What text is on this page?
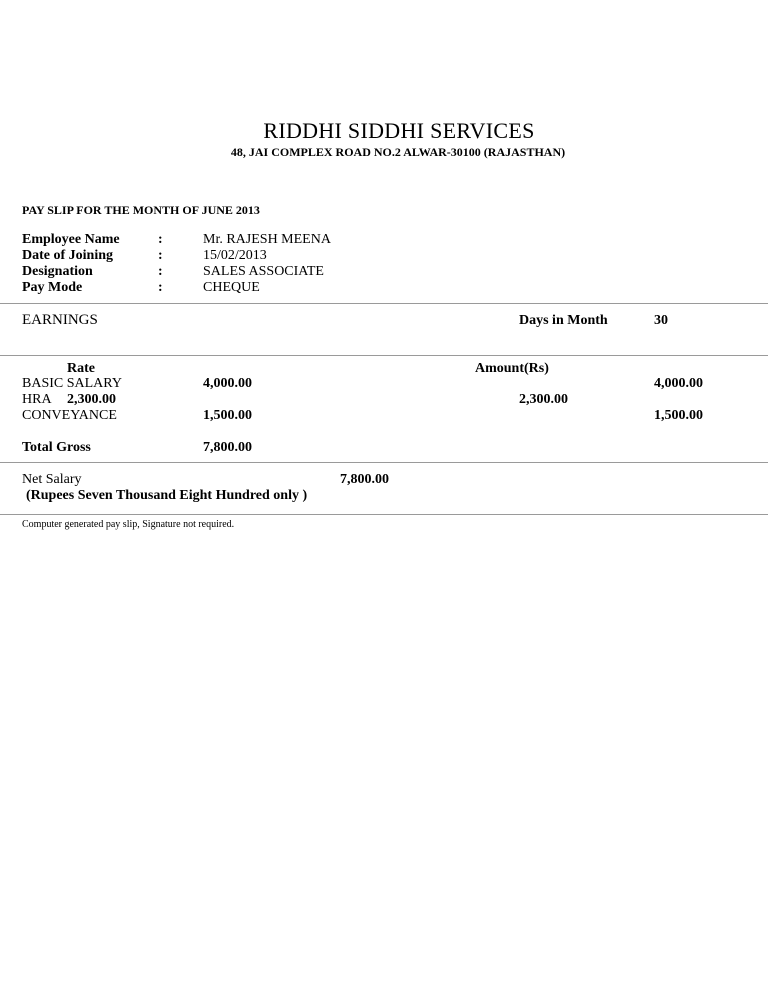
RIDDHI SIDDHI SERVICES
48, JAI COMPLEX ROAD NO.2 ALWAR-30100 (RAJASTHAN)
PAY SLIP FOR THE MONTH OF JUNE 2013
Employee Name	:	Mr. RAJESH MEENA
Date of Joining	:	15/02/2013
Designation	:	SALES ASSOCIATE
Pay Mode	:	CHEQUE
EARNINGS	Days in Month	30
Rate	Amount(Rs)
BASIC SALARY	4,000.00	4,000.00
HRA 2,300.00	2,300.00
CONVEYANCE	1,500.00	1,500.00
Total Gross	7,800.00
Net Salary	7,800.00
(Rupees Seven Thousand Eight Hundred only )
Computer generated pay slip, Signature not required.
